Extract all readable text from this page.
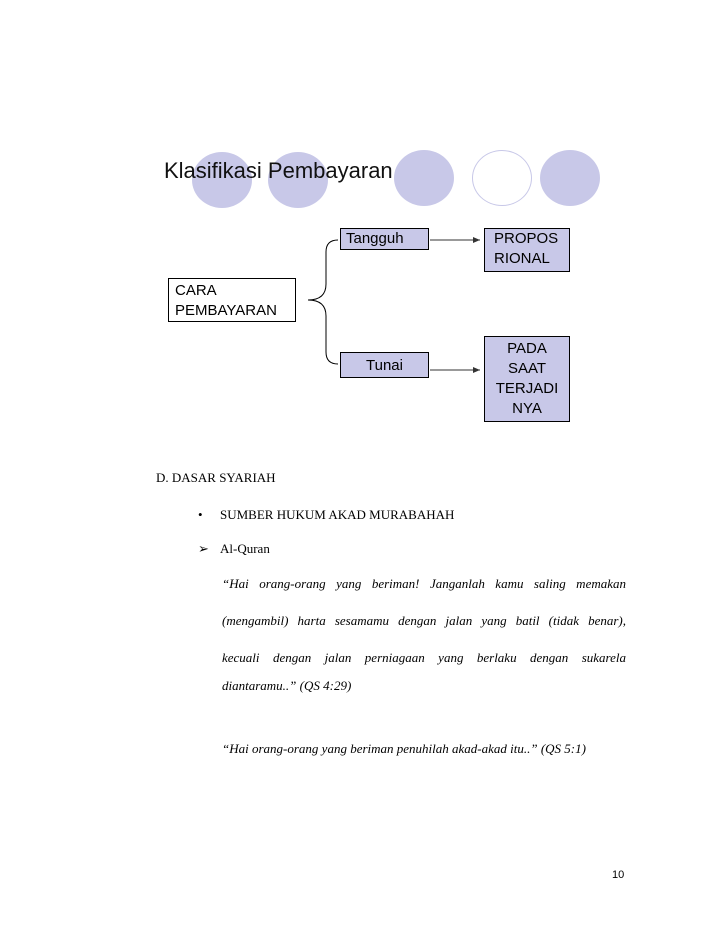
Klasifikasi Pembayaran
CARA
PEMBAYARAN
Tangguh	PROPOS
RIONAL
Tunai
PADA
SAAT
TERJADI
NYA
D. DASAR SYARIAH
• SUMBER HUKUM AKAD MURABAHAH
➢ Al-Quran
“Hai orang-orang yang beriman! Janganlah kamu saling memakan
(mengambil) harta sesamamu dengan jalan yang batil (tidak benar),
kecuali dengan jalan perniagaan yang berlaku dengan sukarela
diantaramu..” (QS 4:29)
“Hai orang-orang yang beriman penuhilah akad-akad itu..” (QS 5:1)
10
